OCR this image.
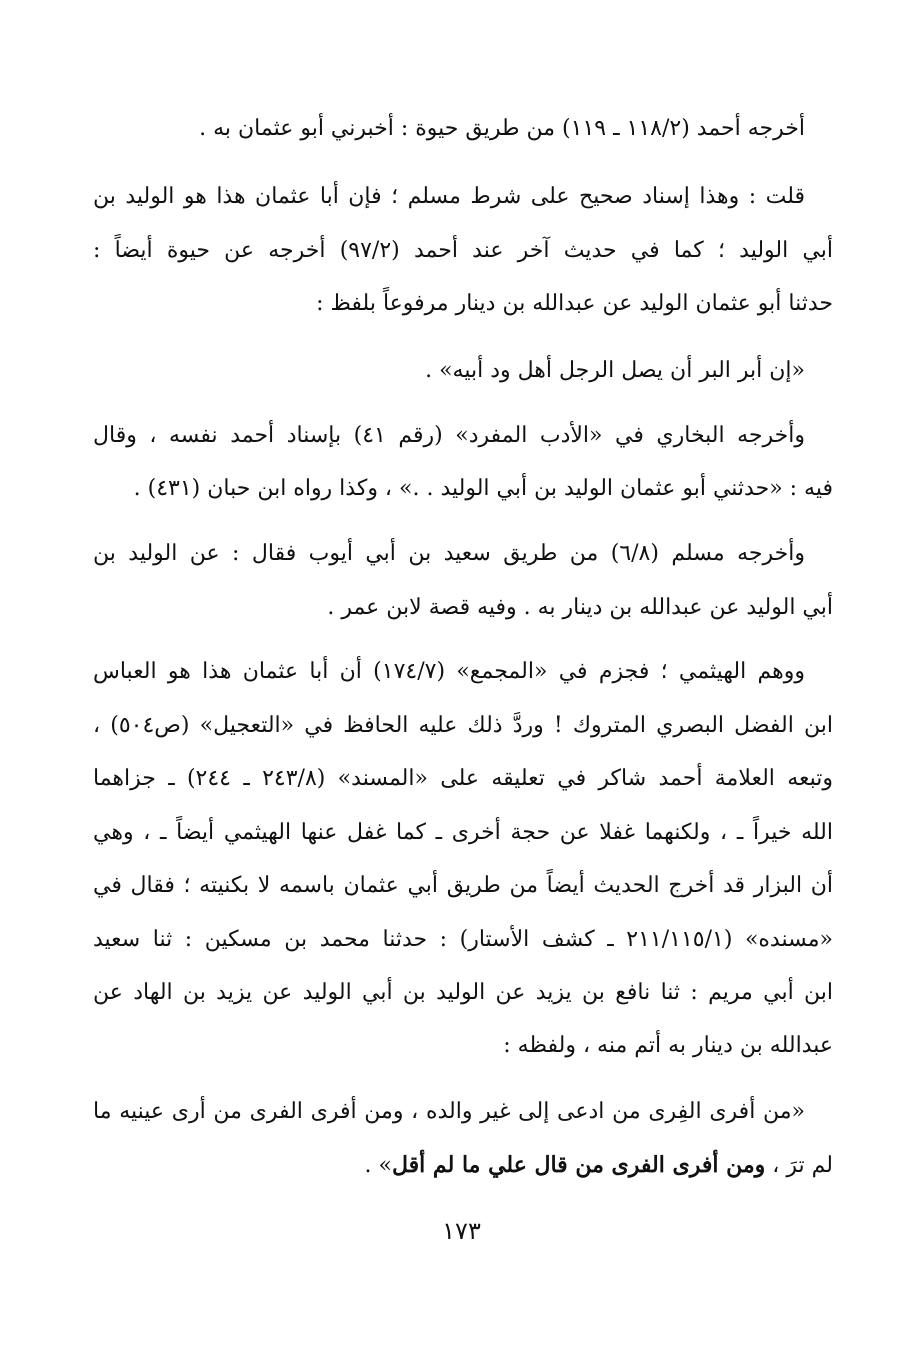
أخرجه أحمد (١١٨/٢ ـ ١١٩) من طريق حيوة : أخبرني أبو عثمان به .

قلت : وهذا إسناد صحيح على شرط مسلم ؛ فإن أبا عثمان هذا هو الوليد بن

أبي الوليد ؛ كما في حديث آخر عند أحمد (٩٧/٢) أخرجه عن حيوة أيضاً :

حدثنا أبو عثمان الوليد عن عبدالله بن دينار مرفوعاً بلفظ :

«إن أبر البر أن يصل الرجل أهل ود أبيه» .

وأخرجه البخاري في «الأدب المفرد» (رقم ٤١) بإسناد أحمد نفسه ، وقال

فيه : «حدثني أبو عثمان الوليد بن أبي الوليد . .» ، وكذا رواه ابن حبان (٤٣١) .

وأخرجه مسلم (٦/٨) من طريق سعيد بن أبي أيوب فقال : عن الوليد بن

أبي الوليد عن عبدالله بن دينار به . وفيه قصة لابن عمر .

ووهم الهيثمي ؛ فجزم في «المجمع» (١٧٤/٧) أن أبا عثمان هذا هو العباس

ابن الفضل البصري المتروك ! وردَّ ذلك عليه الحافظ في «التعجيل» (ص٥٠٤) ،

وتبعه العلامة أحمد شاكر في تعليقه على «المسند» (٢٤٣/٨ ـ ٢٤٤) ـ جزاهما

الله خيراً ـ ، ولكنهما غفلا عن حجة أخرى ـ كما غفل عنها الهيثمي أيضاً ـ ، وهي

أن البزار قد أخرج الحديث أيضاً من طريق أبي عثمان باسمه لا بكنيته ؛ فقال في

«مسنده» (٢١١/١١٥/١ ـ كشف الأستار) : حدثنا محمد بن مسكين : ثنا سعيد

ابن أبي مريم : ثنا نافع بن يزيد عن الوليد بن أبي الوليد عن يزيد بن الهاد عن

عبدالله بن دينار به أتم منه ، ولفظه :

«من أفرى الفِرى من ادعى إلى غير والده ، ومن أفرى الفرى من أرى عينيه ما

لم ترَ ، ومن أفرى الفرى من قال علي ما لم أقل» .

١٧٣
